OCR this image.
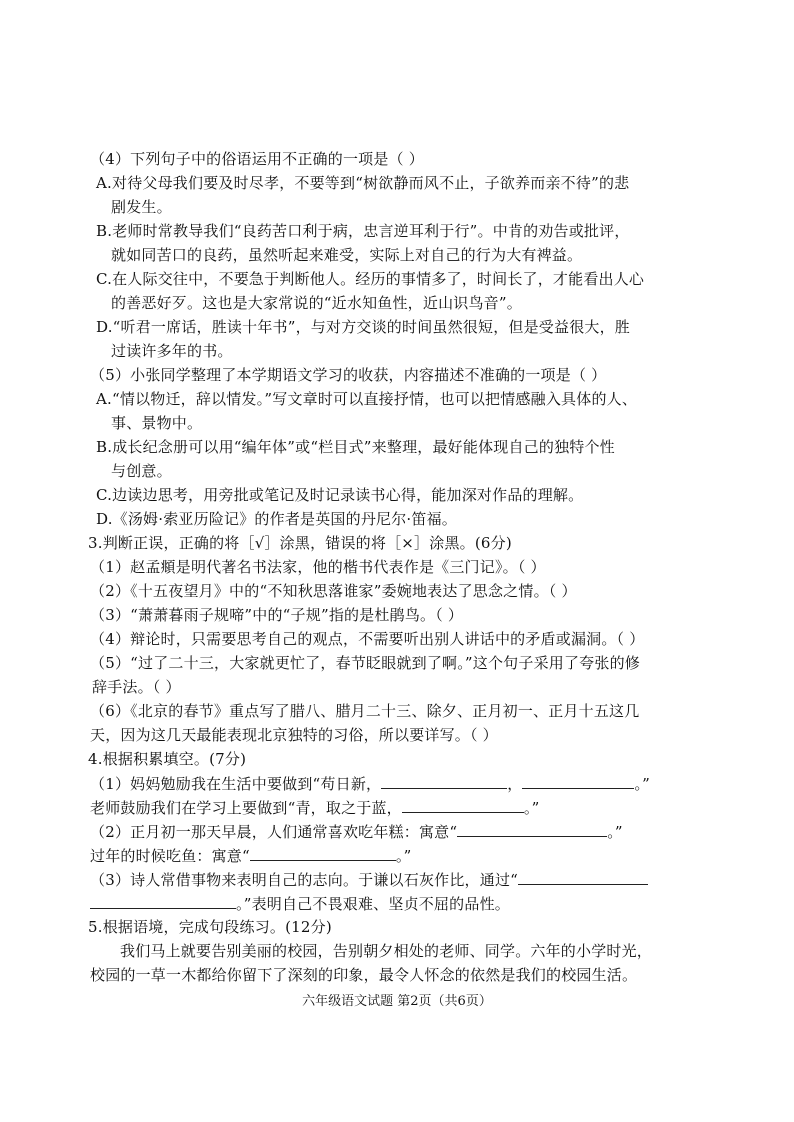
（4）下列句子中的俗语运用不正确的一项是（ ）
A.对待父母我们要及时尽孝，不要等到“树欲静而风不止，子欲养而亲不待”的悲
剧发生。
B.老师时常教导我们“良药苦口利于病，忠言逆耳利于行”。中肯的劝告或批评，
就如同苦口的良药，虽然听起来难受，实际上对自己的行为大有裨益。
C.在人际交往中，不要急于判断他人。经历的事情多了，时间长了，才能看出人心
的善恶好歹。这也是大家常说的“近水知鱼性，近山识鸟音”。
D.“听君一席话，胜读十年书”，与对方交谈的时间虽然很短，但是受益很大，胜
过读许多年的书。
（5）小张同学整理了本学期语文学习的收获，内容描述不准确的一项是（ ）
A.“情以物迁，辞以情发。”写文章时可以直接抒情，也可以把情感融入具体的人、
事、景物中。
B.成长纪念册可以用“编年体”或“栏目式”来整理，最好能体现自己的独特个性
与创意。
C.边读边思考，用旁批或笔记及时记录读书心得，能加深对作品的理解。
D.《汤姆·索亚历险记》的作者是英国的丹尼尔·笛福。
3.判断正误，正确的将［√］涂黑，错误的将［×］涂黑。(6分)
（1）赵孟頫是明代著名书法家，他的楷书代表作是《三门记》。（ ）
（2）《十五夜望月》中的“不知秋思落谁家”委婉地表达了思念之情。（ ）
（3）“萧萧暮雨子规啼”中的“子规”指的是杜鹃鸟。（ ）
（4）辩论时，只需要思考自己的观点，不需要听出别人讲话中的矛盾或漏洞。（ ）
（5）“过了二十三，大家就更忙了，春节眨眼就到了啊。”这个句子采用了夸张的修
辞手法。（ ）
（6）《北京的春节》重点写了腊八、腊月二十三、除夕、正月初一、正月十五这几
天，因为这几天最能表现北京独特的习俗，所以要详写。（ ）
4.根据积累填空。(7分)
（1）妈妈勉励我在生活中要做到“苟日新，	，	。”
老师鼓励我们在学习上要做到“青，取之于蓝，	。”
（2）正月初一那天早晨，人们通常喜欢吃年糕：寓意“	。”
过年的时候吃鱼：寓意“	。”
（3）诗人常借事物来表明自己的志向。于谦以石灰作比，通过“
。”表明自己不畏艰难、坚贞不屈的品性。
5.根据语境，完成句段练习。(12分)
我们马上就要告别美丽的校园，告别朝夕相处的老师、同学。六年的小学时光，
校园的一草一木都给你留下了深刻的印象，最令人怀念的依然是我们的校园生活。
六年级语文试题 第2页（共6页）
